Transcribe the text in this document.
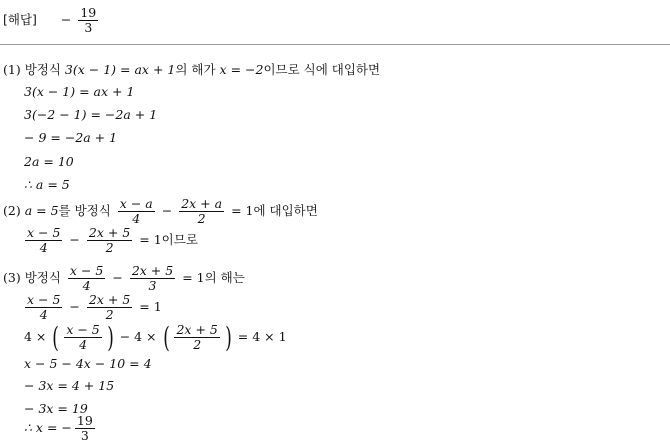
[해답] − $\frac{19}{3}$
(1) 방정식 3(x − 1) = ax + 1의 해가 x = −2이므로 식에 대입하면
3(x − 1) = ax + 1
3(−2 − 1) = −2a + 1
− 9 = −2a + 1
2a = 10
∴ a = 5
(2) a = 5를 방정식 $\frac{x - a}{4} - \frac{2x + a}{2} = 1$에 대입하면
$\frac{x - 5}{4} - \frac{2x + 5}{2} = 1$이므로
(3) 방정식 $\frac{x - 5}{4} - \frac{2x + 5}{3} = 1$의 해는
$\frac{x - 5}{4} - \frac{2x + 5}{2} = 1$
4 × ( $\frac{x - 5}{4}$ ) − 4 × ( $\frac{2x + 5}{2}$ ) = 4 × 1
x − 5 − 4x − 10 = 4
− 3x = 4 + 15
− 3x = 19
∴ x = − $\frac{19}{3}$
